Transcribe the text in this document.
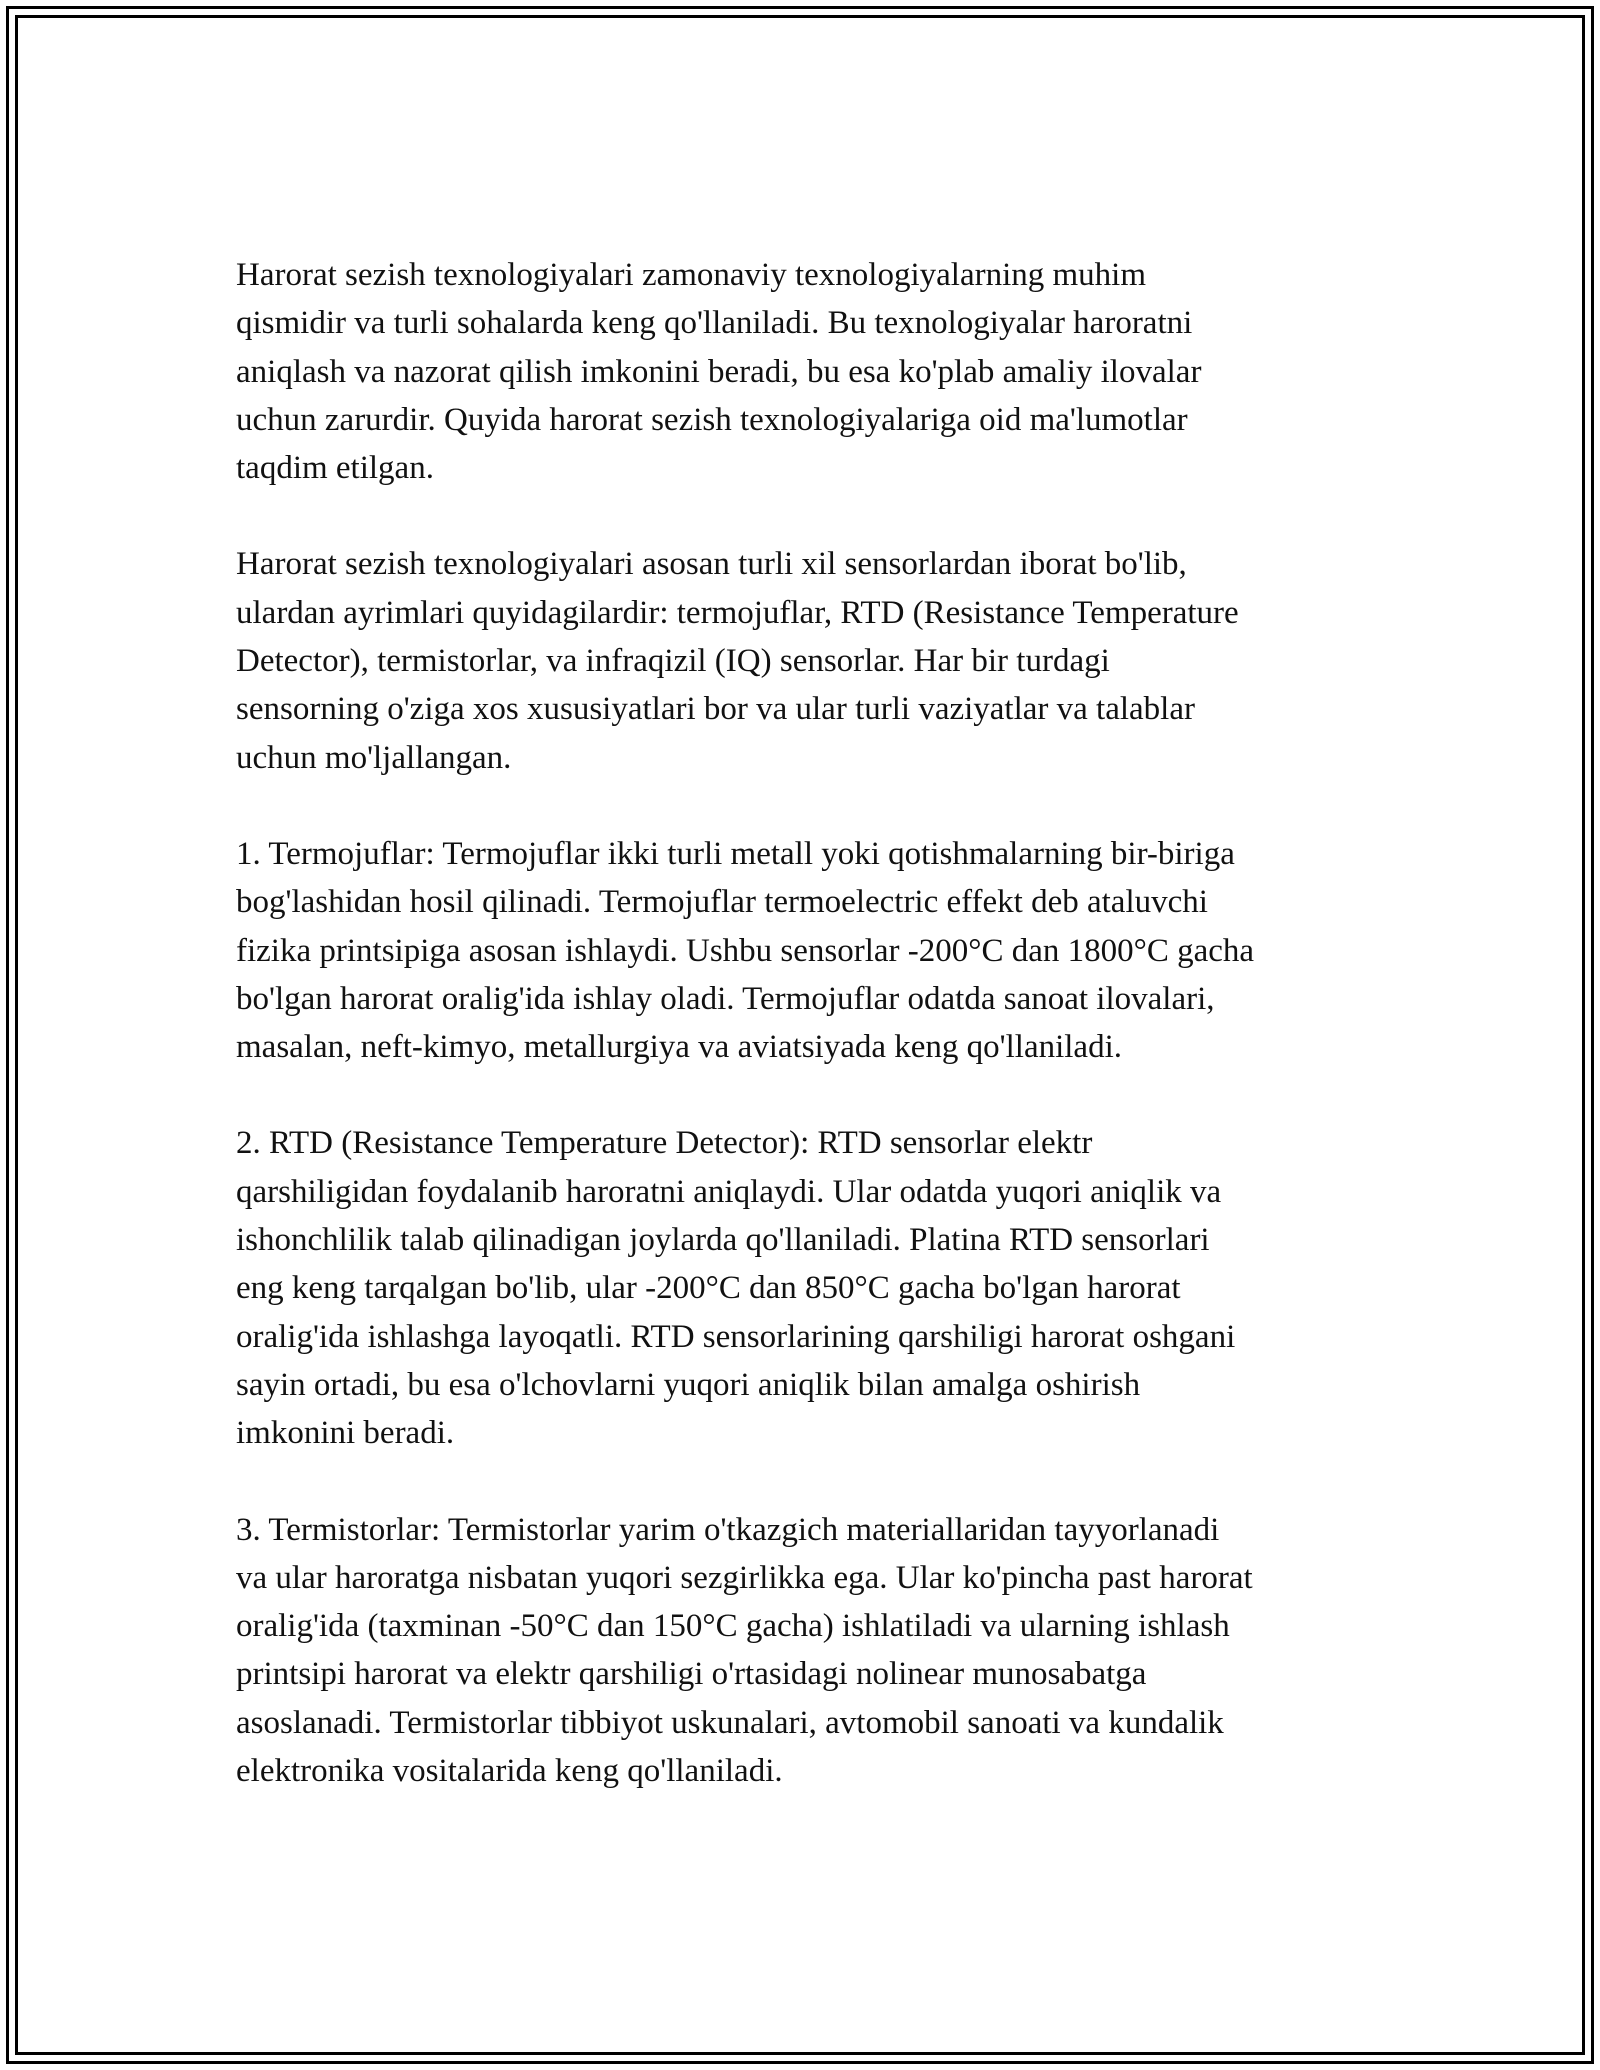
Harorat sezish texnologiyalari zamonaviy texnologiyalarning muhim
qismidir va turli sohalarda keng qo'llaniladi. Bu texnologiyalar haroratni
aniqlash va nazorat qilish imkonini beradi, bu esa ko'plab amaliy ilovalar
uchun zarurdir. Quyida harorat sezish texnologiyalariga oid ma'lumotlar
taqdim etilgan.

Harorat sezish texnologiyalari asosan turli xil sensorlardan iborat bo'lib,
ulardan ayrimlari quyidagilardir: termojuflar, RTD (Resistance Temperature
Detector), termistorlar, va infraqizil (IQ) sensorlar. Har bir turdagi
sensorning o'ziga xos xususiyatlari bor va ular turli vaziyatlar va talablar
uchun mo'ljallangan.

1. Termojuflar: Termojuflar ikki turli metall yoki qotishmalarning bir-biriga
bog'lashidan hosil qilinadi. Termojuflar termoelectric effekt deb ataluvchi
fizika printsipiga asosan ishlaydi. Ushbu sensorlar -200°C dan 1800°C gacha
bo'lgan harorat oralig'ida ishlay oladi. Termojuflar odatda sanoat ilovalari,
masalan, neft-kimyo, metallurgiya va aviatsiyada keng qo'llaniladi.

2. RTD (Resistance Temperature Detector): RTD sensorlar elektr
qarshiligidan foydalanib haroratni aniqlaydi. Ular odatda yuqori aniqlik va
ishonchlilik talab qilinadigan joylarda qo'llaniladi. Platina RTD sensorlari
eng keng tarqalgan bo'lib, ular -200°C dan 850°C gacha bo'lgan harorat
oralig'ida ishlashga layoqatli. RTD sensorlarining qarshiligi harorat oshgani
sayin ortadi, bu esa o'lchovlarni yuqori aniqlik bilan amalga oshirish
imkonini beradi.

3. Termistorlar: Termistorlar yarim o'tkazgich materiallaridan tayyorlanadi
va ular haroratga nisbatan yuqori sezgirlikka ega. Ular ko'pincha past harorat
oralig'ida (taxminan -50°C dan 150°C gacha) ishlatiladi va ularning ishlash
printsipi harorat va elektr qarshiligi o'rtasidagi nolinear munosabatga
asoslanadi. Termistorlar tibbiyot uskunalari, avtomobil sanoati va kundalik
elektronika vositalarida keng qo'llaniladi.
